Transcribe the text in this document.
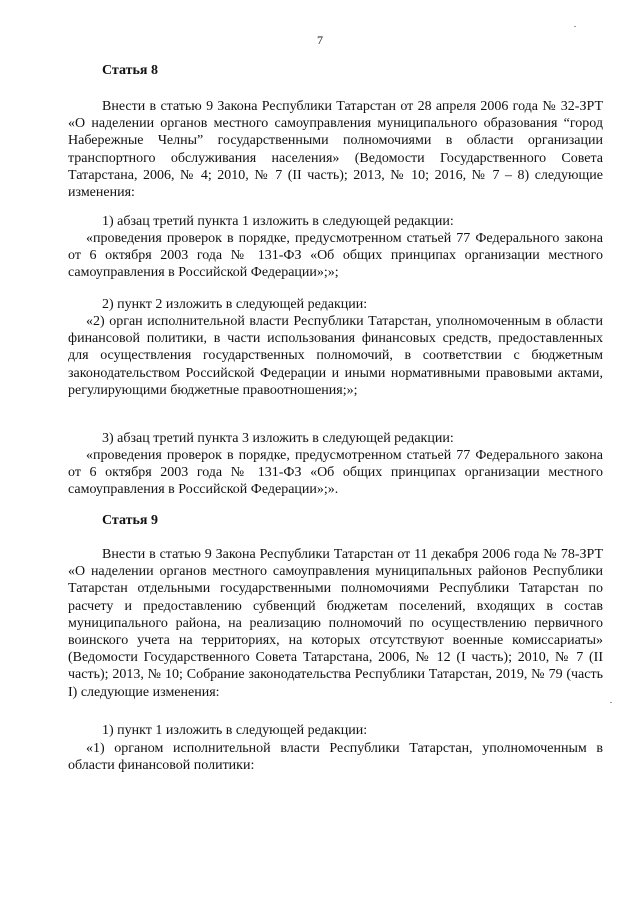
7
Статья 8

Внести в статью 9 Закона Республики Татарстан от 28 апреля 2006 года № 32-ЗРТ «О наделении органов местного самоуправления муниципального образования “город Набережные Челны” государственными полномочиями в области организации транспортного обслуживания населения» (Ведомости Государственного Совета Татарстана, 2006, № 4; 2010, № 7 (II часть); 2013, № 10; 2016, № 7 – 8) следующие изменения:

1) абзац третий пункта 1 изложить в следующей редакции:

«проведения проверок в порядке, предусмотренном статьей 77 Федерального закона от 6 октября 2003 года № 131-ФЗ «Об общих принципах организации местного самоуправления в Российской Федерации»;»;

2) пункт 2 изложить в следующей редакции:

«2) орган исполнительной власти Республики Татарстан, уполномоченным в области финансовой политики, в части использования финансовых средств, предоставленных для осуществления государственных полномочий, в соответствии с бюджетным законодательством Российской Федерации и иными нормативными правовыми актами, регулирующими бюджетные правоотношения;»;

3) абзац третий пункта 3 изложить в следующей редакции:

«проведения проверок в порядке, предусмотренном статьей 77 Федерального закона от 6 октября 2003 года № 131-ФЗ «Об общих принципах организации местного самоуправления в Российской Федерации»;».

Статья 9

Внести в статью 9 Закона Республики Татарстан от 11 декабря 2006 года № 78-ЗРТ «О наделении органов местного самоуправления муниципальных районов Республики Татарстан отдельными государственными полномочиями Республики Татарстан по расчету и предоставлению субвенций бюджетам поселений, входящих в состав муниципального района, на реализацию полномочий по осуществлению первичного воинского учета на территориях, на которых отсутствуют военные комиссариаты» (Ведомости Государственного Совета Татарстана, 2006, № 12 (I часть); 2010, № 7 (II часть); 2013, № 10; Собрание законодательства Республики Татарстан, 2019, № 79 (часть I) следующие изменения:

1) пункт 1 изложить в следующей редакции:

«1) органом исполнительной власти Республики Татарстан, уполномоченным в области финансовой политики:
